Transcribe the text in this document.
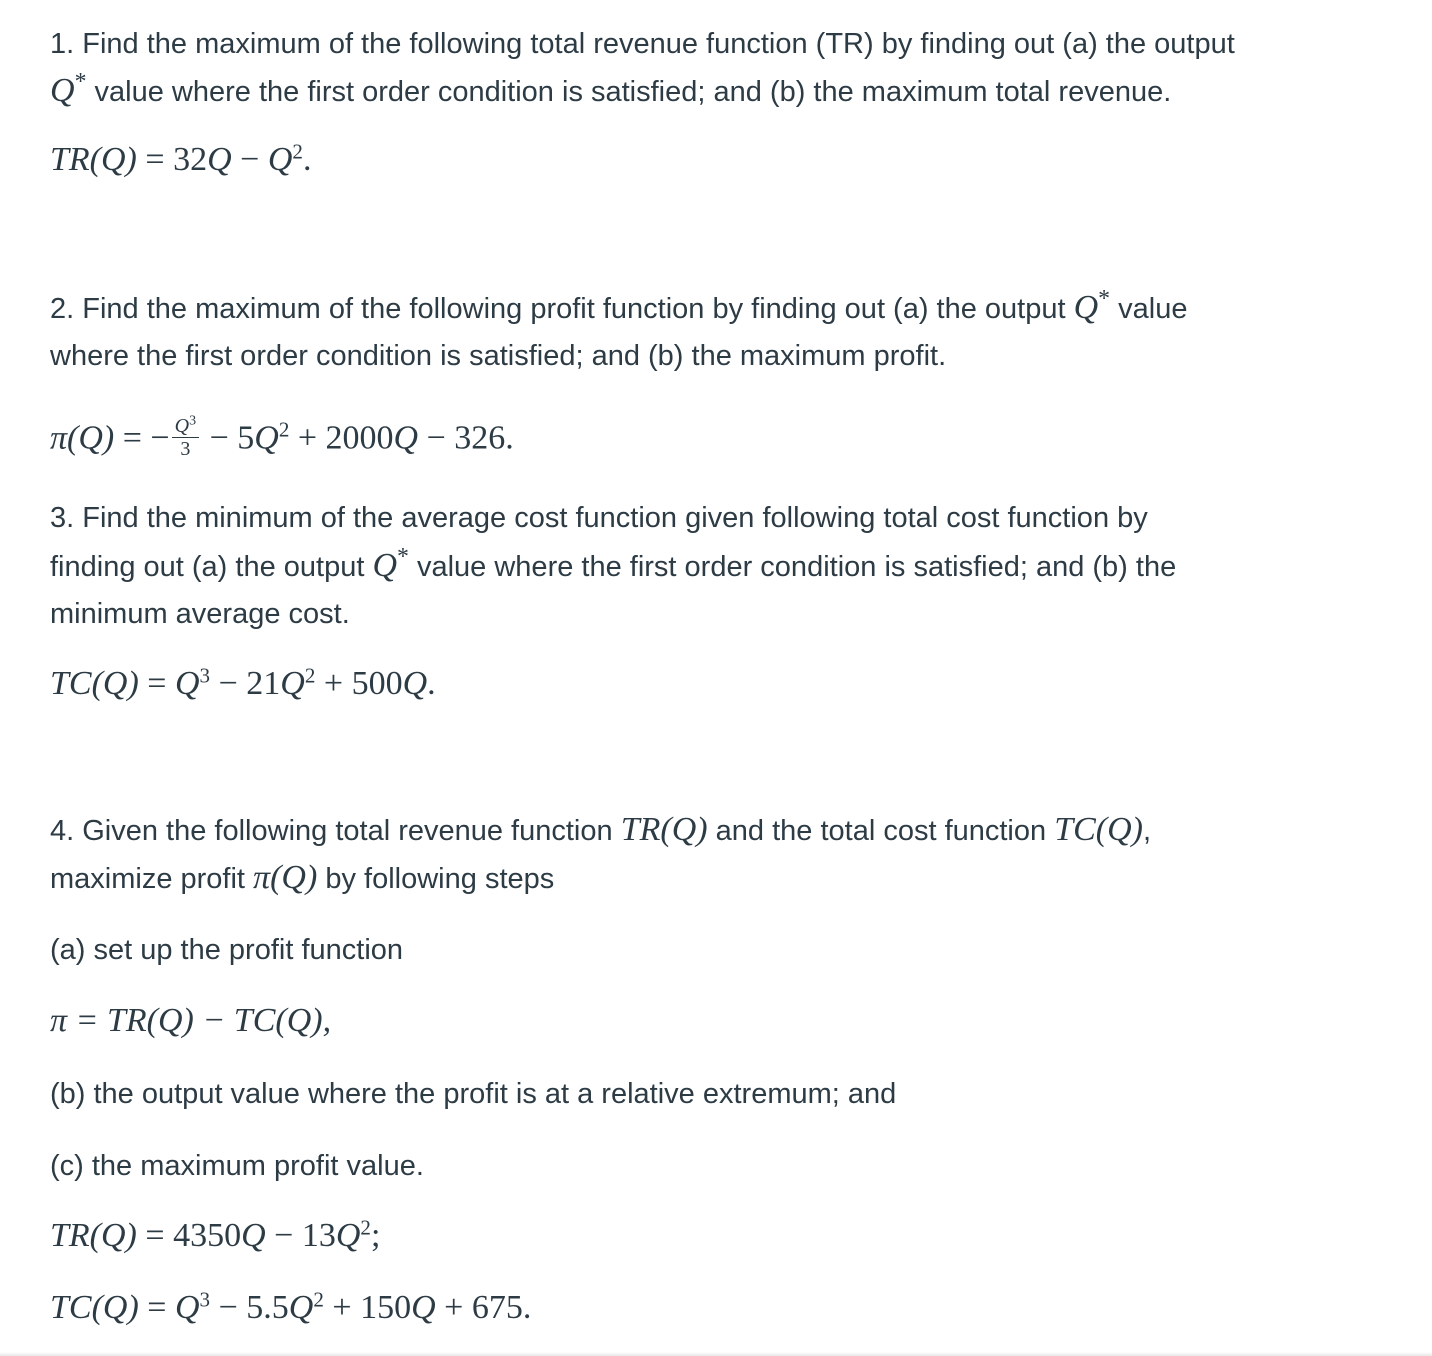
1. Find the maximum of the following total revenue function (TR) by finding out (a) the output
Q* value where the first order condition is satisfied; and (b) the maximum total revenue.
$TR(Q) = 32Q - Q^2$.
2. Find the maximum of the following profit function by finding out (a) the output Q* value
where the first order condition is satisfied; and (b) the maximum profit.
π(Q) = − $\frac{Q^3}{3} - 5Q^2 + 2000Q - 326$.
3. Find the minimum of the average cost function given following total cost function by
finding out (a) the output Q* value where the first order condition is satisfied; and (b) the
minimum average cost.
$TC(Q) = Q^3 - 21Q^2 + 500Q$.
4. Given the following total revenue function TR(Q) and the total cost function TC(Q),
maximize profit π(Q) by following steps
(a) set up the profit function
π = TR(Q) − TC(Q),
(b) the output value where the profit is at a relative extremum; and
(c) the maximum profit value.
$TR(Q) = 4350Q - 13Q^2$;
$TC(Q) = Q^3 - 5.5Q^2 + 150Q + 675$.
